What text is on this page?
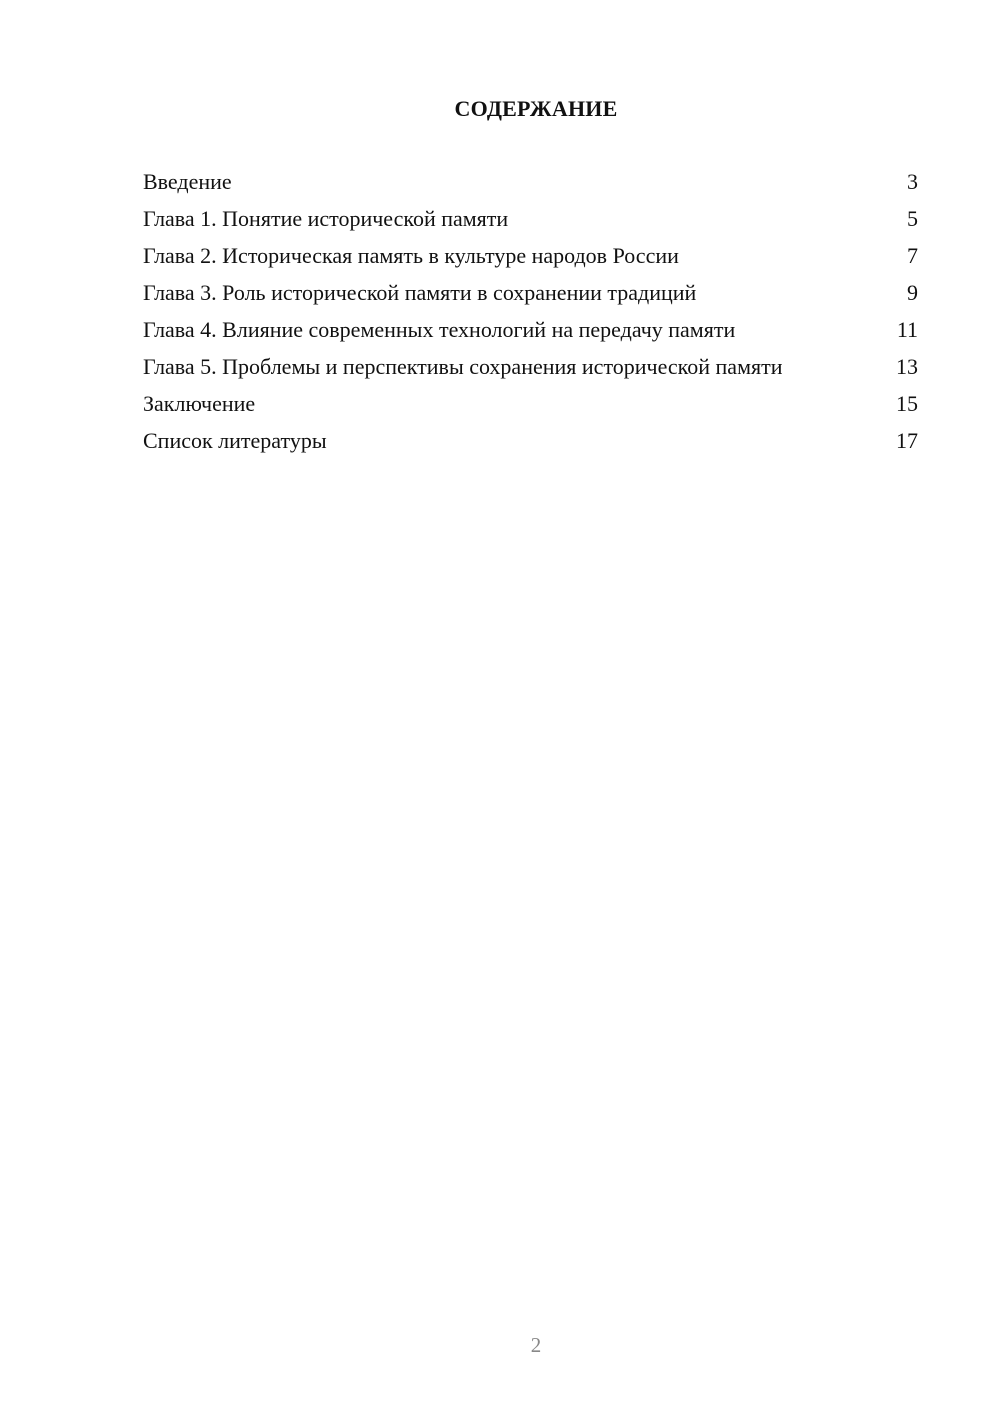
СОДЕРЖАНИЕ
Введение	3
Глава 1. Понятие исторической памяти	5
Глава 2. Историческая память в культуре народов России	7
Глава 3. Роль исторической памяти в сохранении традиций	9
Глава 4. Влияние современных технологий на передачу памяти	11
Глава 5. Проблемы и перспективы сохранения исторической памяти	13
Заключение	15
Список литературы	17
2
